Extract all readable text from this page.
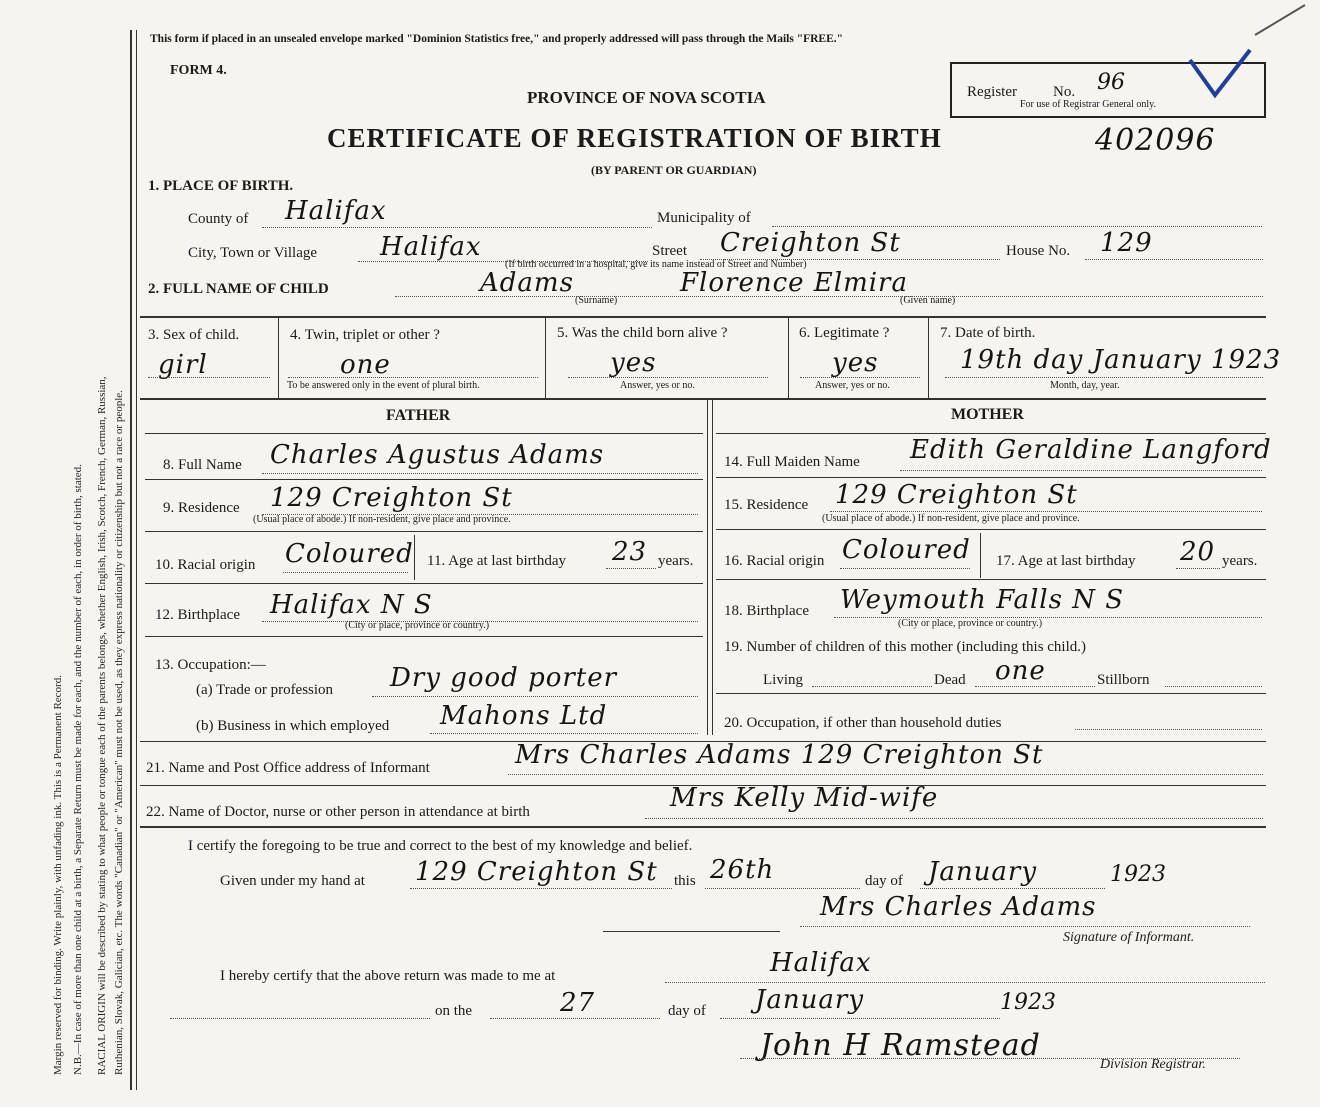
Margin reserved for binding. Write plainly, with unfading ink. This is a Permanent Record. N.B.—In case of more than one child at a birth, a Separate Return must be made for each, and the number of each, in order of birth, stated. RACIAL ORIGIN will be described by stating to what people or tongue each of the parents belongs, whether English, Irish, Scotch, French, German, Russian, Ruthenian, Slovak, Galician, etc. The words "Canadian" or "American" must not be used, as they express nationality or citizenship but not a race or people.
This form if placed in an unsealed envelope marked "Dominion Statistics free," and properly addressed will pass through the Mails "FREE."
FORM 4.
PROVINCE OF NOVA SCOTIA
CERTIFICATE OF REGISTRATION OF BIRTH	402096
(BY PARENT OR GUARDIAN)
Register No. 96
For use of Registrar General only.
1. PLACE OF BIRTH.
County of Halifax	Municipality of
City, Town or Village Halifax	Street Creighton St	House No. 129
(If birth occurred in a hospital, give its name instead of Street and Number)
2. FULL NAME OF CHILD	Adams	Florence Elmira
(Surname)	(Given name)
3. Sex of child.
girl
4. Twin, triplet or other ?
one
To be answered only in the event of plural birth.
5. Was the child born alive ?
yes
Answer, yes or no.
6. Legitimate ?
yes
Answer, yes or no.
7. Date of birth.
19th day January 1923
Month, day, year.
FATHER	MOTHER
8. Full Name Charles Agustus Adams
9. Residence 129 Creighton St
(Usual place of abode.) If non-resident, give place and province.
10. Racial origin Coloured 11. Age at last birthday 23 years.
12. Birthplace Halifax N S
(City or place, province or country.)
13. Occupation:—
(a) Trade or profession Dry good porter
(b) Business in which employed Mahons Ltd
14. Full Maiden Name Edith Geraldine Langford
15. Residence 129 Creighton St
(Usual place of abode.) If non-resident, give place and province.
16. Racial origin Coloured 17. Age at last birthday 20 years.
18. Birthplace Weymouth Falls N S
(City or place, province or country.)
19. Number of children of this mother (including this child.)
Living	Dead one	Stillborn
20. Occupation, if other than household duties
21. Name and Post Office address of Informant	Mrs Charles Adams 129 Creighton St
22. Name of Doctor, nurse or other person in attendance at birth	Mrs Kelly Mid-wife
I certify the foregoing to be true and correct to the best of my knowledge and belief.
Given under my hand at 129 Creighton St this 26th	day of January	1923
Mrs Charles Adams
Signature of Informant.
I hereby certify that the above return was made to me at	Halifax
on the	27	day of January	1923
John H Ramstead
Division Registrar.
